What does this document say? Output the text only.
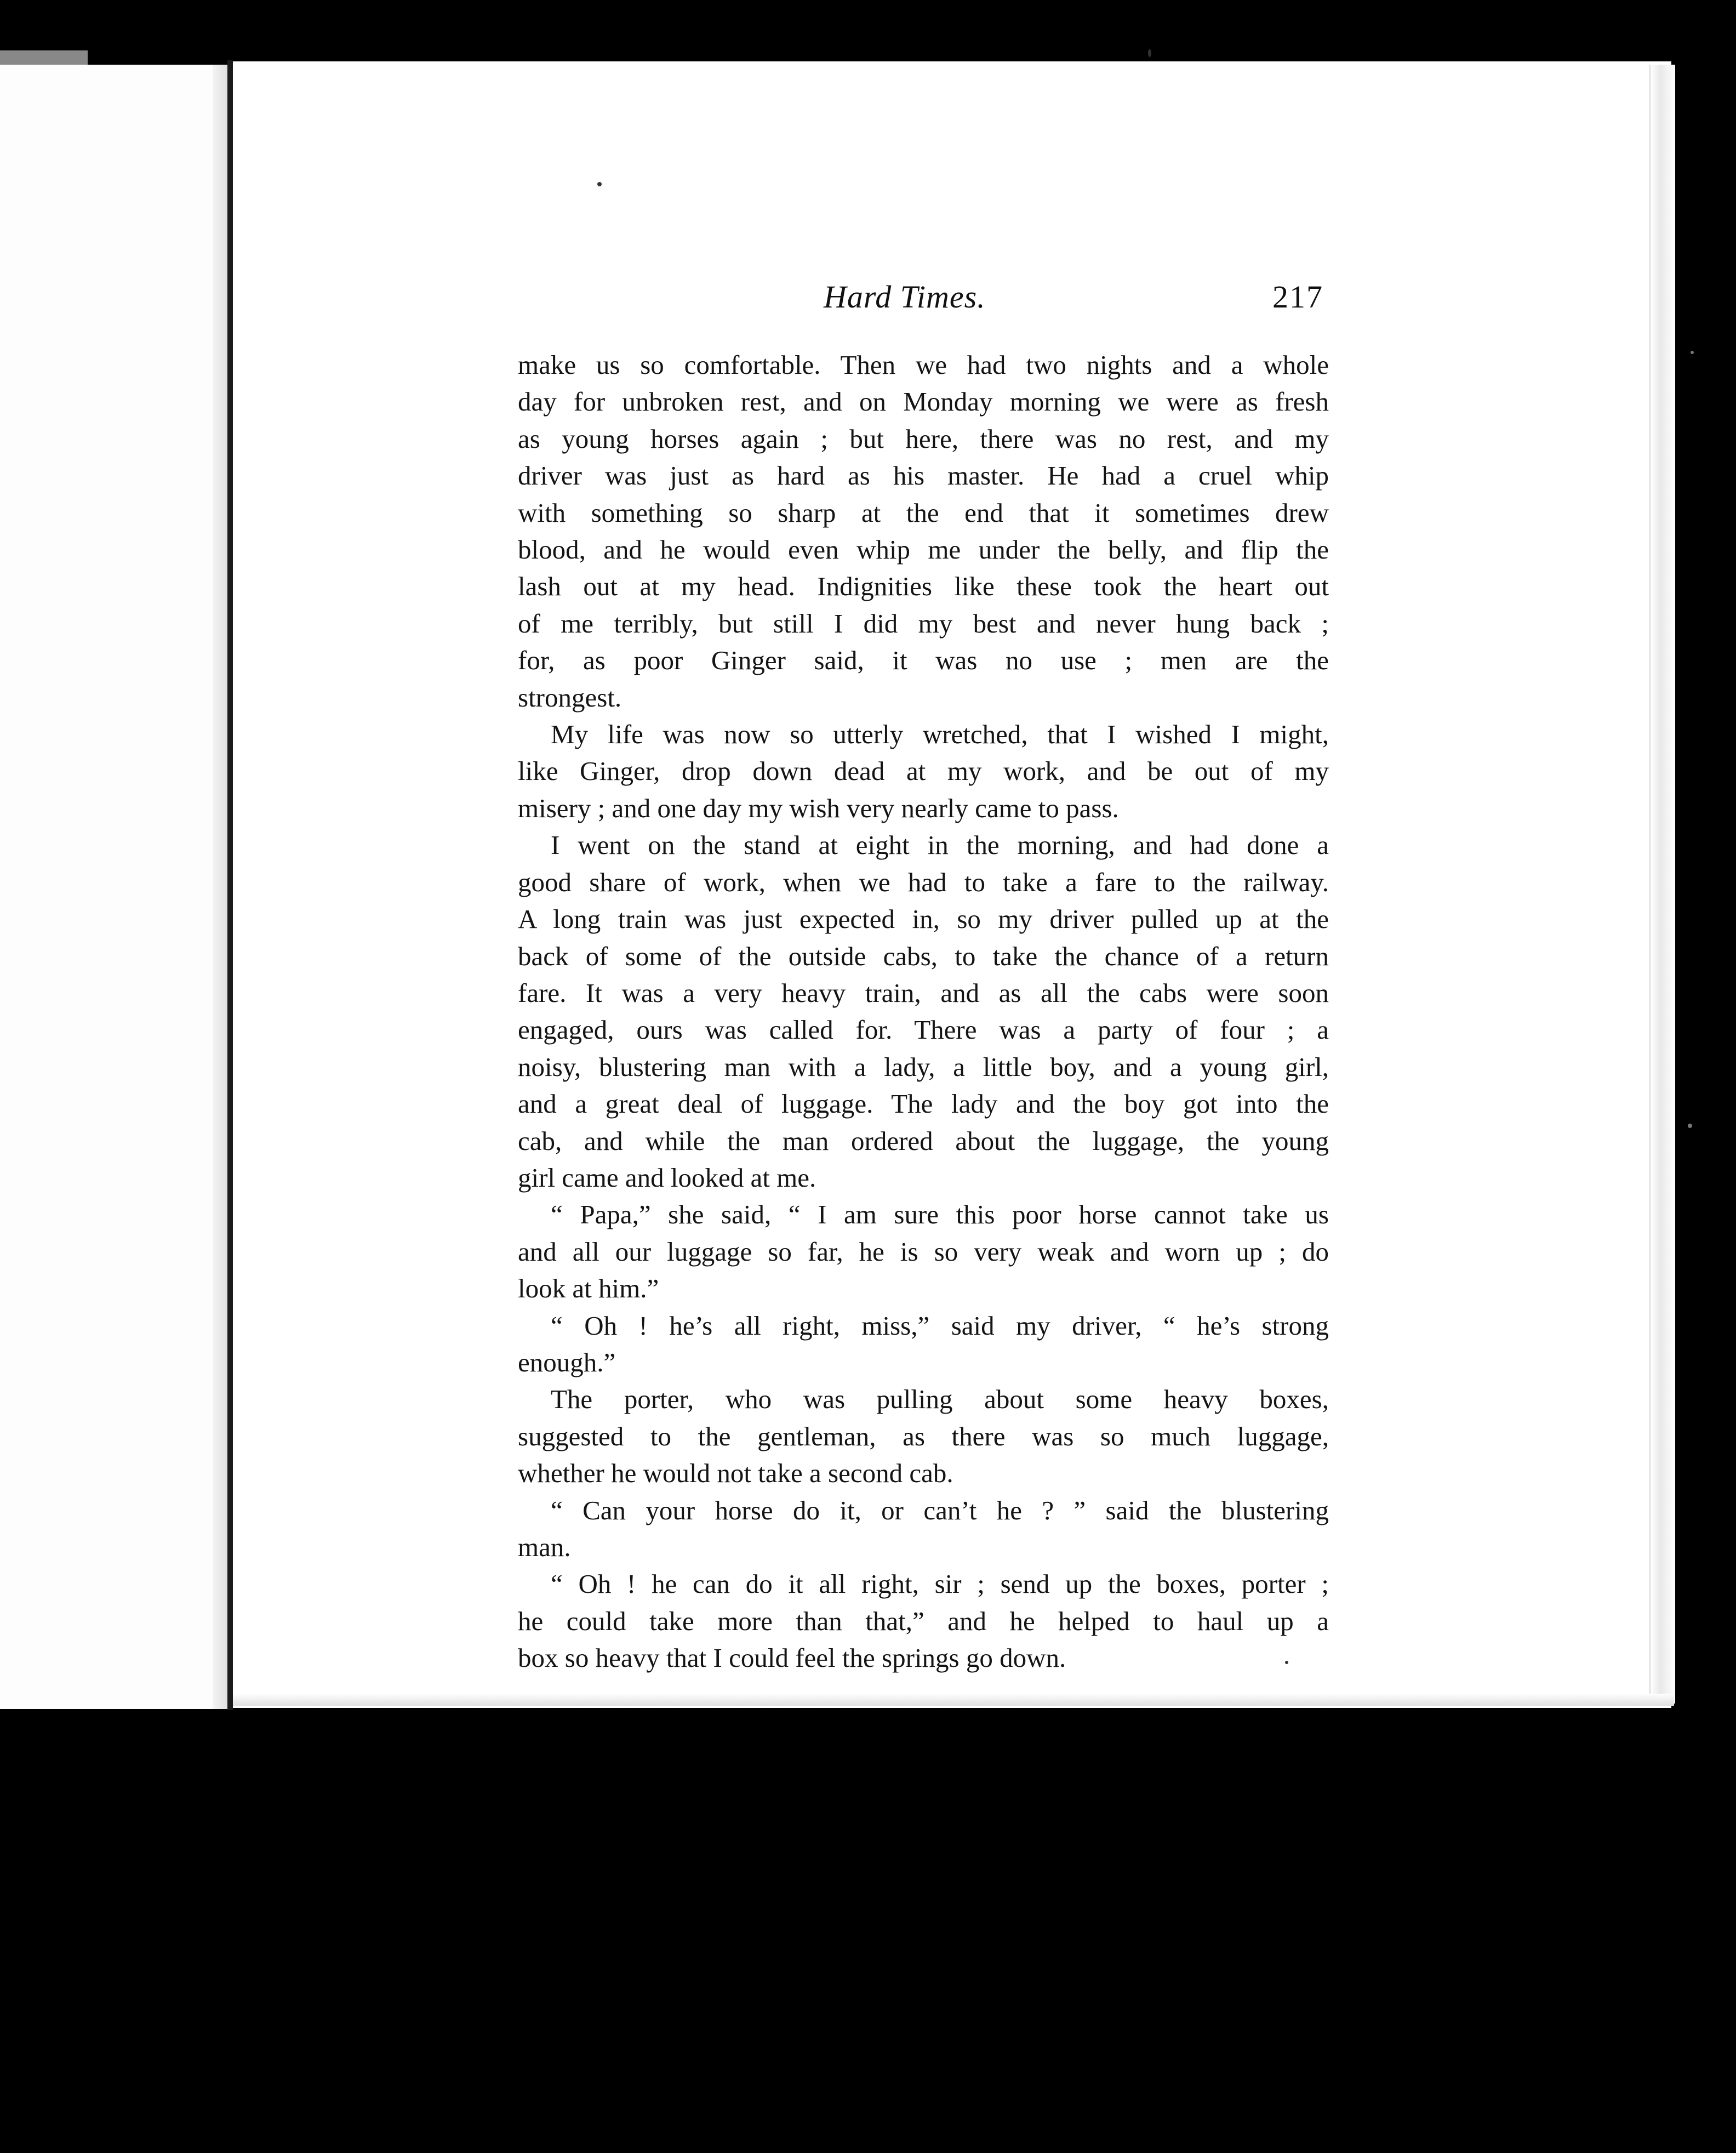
Hard Times.	217

make us so comfortable. Then we had two nights and a whole
day for unbroken rest, and on Monday morning we were as fresh
as young horses again ; but here, there was no rest, and my
driver was just as hard as his master. He had a cruel whip
with something so sharp at the end that it sometimes drew
blood, and he would even whip me under the belly, and flip the
lash out at my head. Indignities like these took the heart out
of me terribly, but still I did my best and never hung back ;
for, as poor Ginger said, it was no use ; men are the
strongest.

My life was now so utterly wretched, that I wished I might,
like Ginger, drop down dead at my work, and be out of my
misery ; and one day my wish very nearly came to pass.

I went on the stand at eight in the morning, and had done a
good share of work, when we had to take a fare to the railway.
A long train was just expected in, so my driver pulled up at the
back of some of the outside cabs, to take the chance of a return
fare. It was a very heavy train, and as all the cabs were soon
engaged, ours was called for. There was a party of four ; a
noisy, blustering man with a lady, a little boy, and a young girl,
and a great deal of luggage. The lady and the boy got into the
cab, and while the man ordered about the luggage, the young
girl came and looked at me.

“ Papa,” she said, “ I am sure this poor horse cannot take us
and all our luggage so far, he is so very weak and worn up ; do
look at him.”

“ Oh ! he’s all right, miss,” said my driver, “ he’s strong
enough.”

The porter, who was pulling about some heavy boxes,
suggested to the gentleman, as there was so much luggage,
whether he would not take a second cab.

“ Can your horse do it, or can’t he ? ” said the blustering
man.

“ Oh ! he can do it all right, sir ; send up the boxes, porter ;
he could take more than that,” and he helped to haul up a
box so heavy that I could feel the springs go down.
